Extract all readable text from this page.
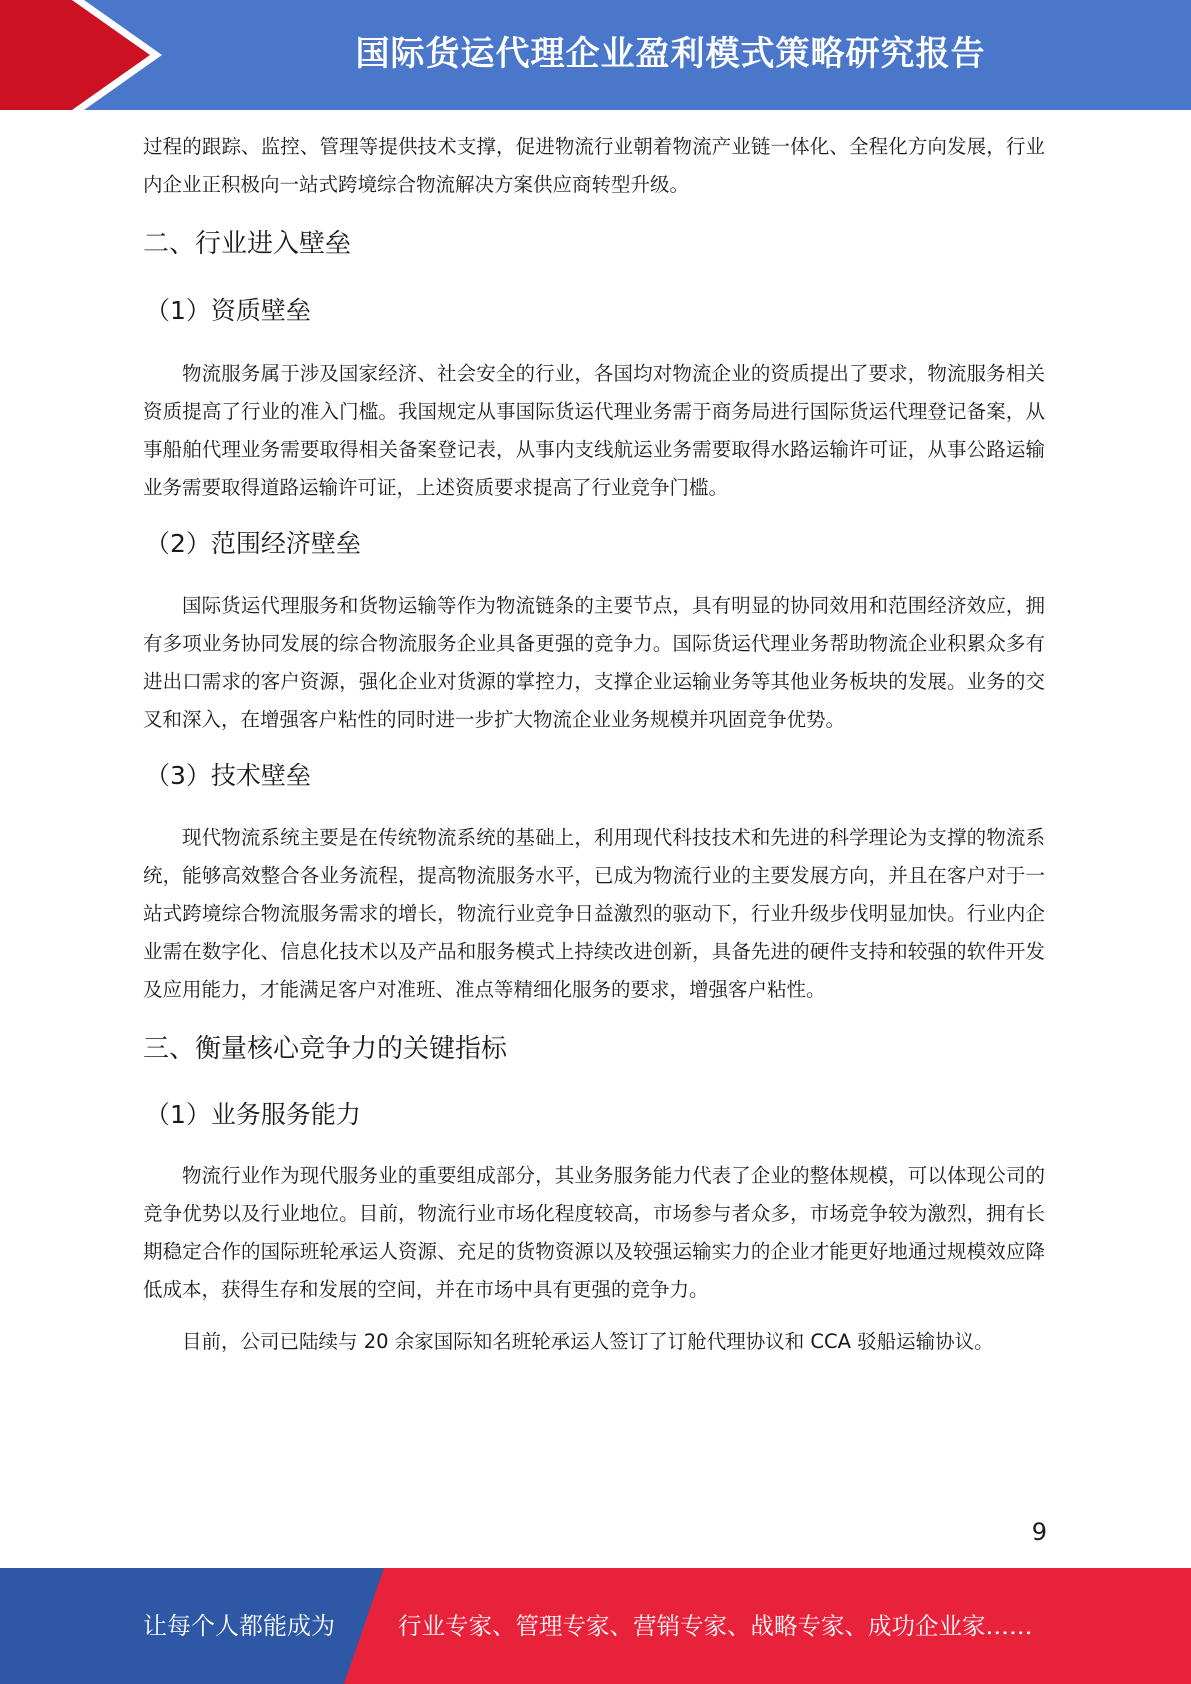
国际货运代理企业盈利模式策略研究报告

过程的跟踪、监控、管理等提供技术支撑，促进物流行业朝着物流产业链一体化、全程化方向发展，行业内企业正积极向一站式跨境综合物流解决方案供应商转型升级。

二、行业进入壁垒
（1）资质壁垒

物流服务属于涉及国家经济、社会安全的行业，各国均对物流企业的资质提出了要求，物流服务相关资质提高了行业的准入门槛。我国规定从事国际货运代理业务需于商务局进行国际货运代理登记备案，从事船舶代理业务需要取得相关备案登记表，从事内支线航运业务需要取得水路运输许可证，从事公路运输业务需要取得道路运输许可证，上述资质要求提高了行业竞争门槛。

（2）范围经济壁垒

国际货运代理服务和货物运输等作为物流链条的主要节点，具有明显的协同效用和范围经济效应，拥有多项业务协同发展的综合物流服务企业具备更强的竞争力。国际货运代理业务帮助物流企业积累众多有进出口需求的客户资源，强化企业对货源的掌控力，支撑企业运输业务等其他业务板块的发展。业务的交叉和深入，在增强客户粘性的同时进一步扩大物流企业业务规模并巩固竞争优势。

（3）技术壁垒

现代物流系统主要是在传统物流系统的基础上，利用现代科技技术和先进的科学理论为支撑的物流系统，能够高效整合各业务流程，提高物流服务水平，已成为物流行业的主要发展方向，并且在客户对于一站式跨境综合物流服务需求的增长，物流行业竞争日益激烈的驱动下，行业升级步伐明显加快。行业内企业需在数字化、信息化技术以及产品和服务模式上持续改进创新，具备先进的硬件支持和较强的软件开发及应用能力，才能满足客户对准班、准点等精细化服务的要求，增强客户粘性。

三、衡量核心竞争力的关键指标
（1）业务服务能力

物流行业作为现代服务业的重要组成部分，其业务服务能力代表了企业的整体规模，可以体现公司的竞争优势以及行业地位。目前，物流行业市场化程度较高，市场参与者众多，市场竞争较为激烈，拥有长期稳定合作的国际班轮承运人资源、充足的货物资源以及较强运输实力的企业才能更好地通过规模效应降低成本，获得生存和发展的空间，并在市场中具有更强的竞争力。

目前，公司已陆续与 20 余家国际知名班轮承运人签订了订舱代理协议和 CCA 驳船运输协议。

9
让每个人都能成为	行业专家、管理专家、营销专家、战略专家、成功企业家……
